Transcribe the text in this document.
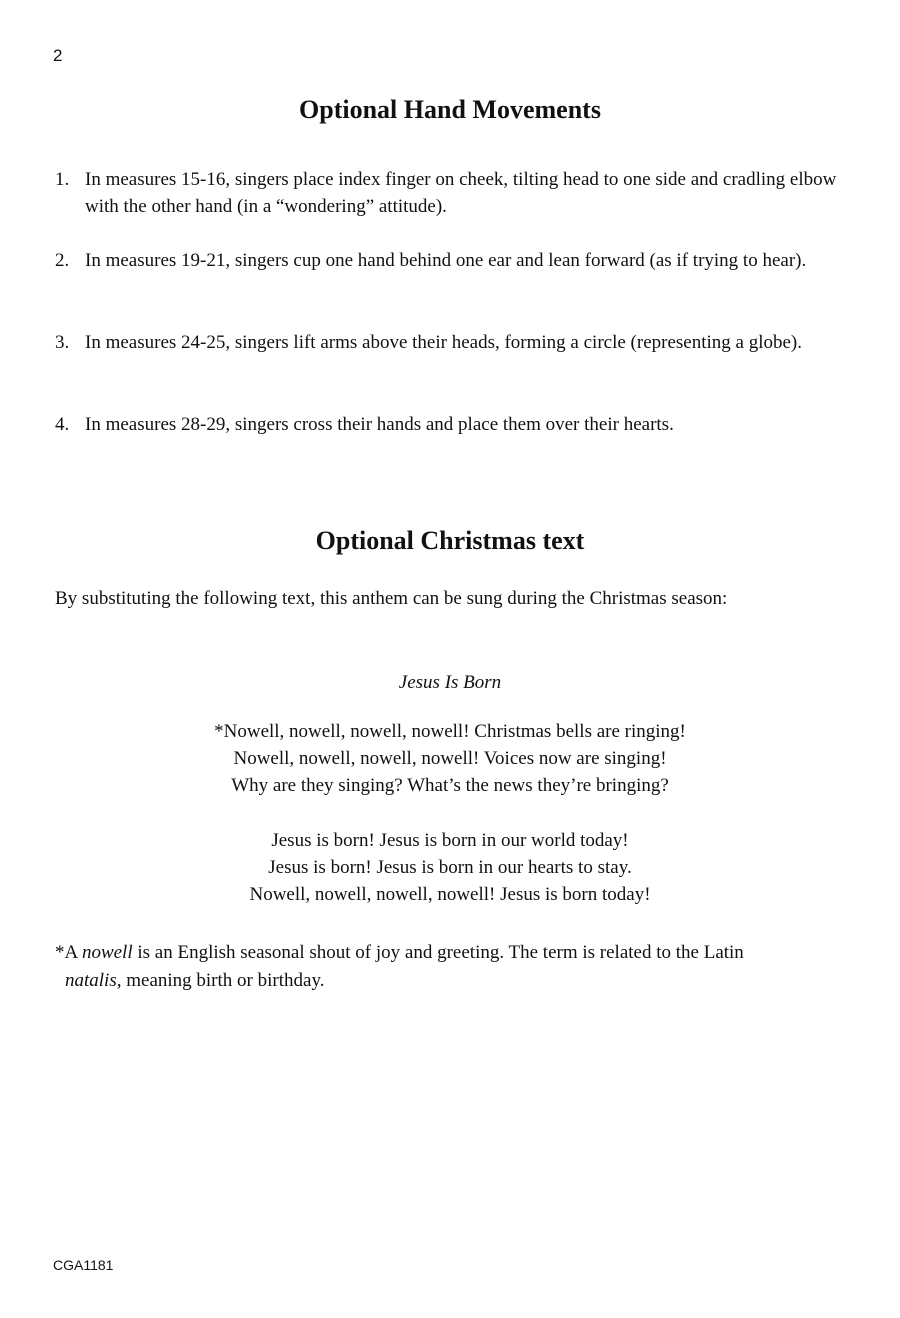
2
Optional Hand Movements
1. In measures 15-16, singers place index finger on cheek, tilting head to one side and cradling elbow with the other hand (in a “wondering” attitude).
2. In measures 19-21, singers cup one hand behind one ear and lean forward (as if trying to hear).
3. In measures 24-25, singers lift arms above their heads, forming a circle (representing a globe).
4. In measures 28-29, singers cross their hands and place them over their hearts.
Optional Christmas text
By substituting the following text, this anthem can be sung during the Christmas season:
Jesus Is Born
*Nowell, nowell, nowell, nowell! Christmas bells are ringing!
Nowell, nowell, nowell, nowell! Voices now are singing!
Why are they singing? What’s the news they’re bringing?
Jesus is born! Jesus is born in our world today!
Jesus is born! Jesus is born in our hearts to stay.
Nowell, nowell, nowell, nowell! Jesus is born today!
*A nowell is an English seasonal shout of joy and greeting. The term is related to the Latin
natalis, meaning birth or birthday.
CGA1181
